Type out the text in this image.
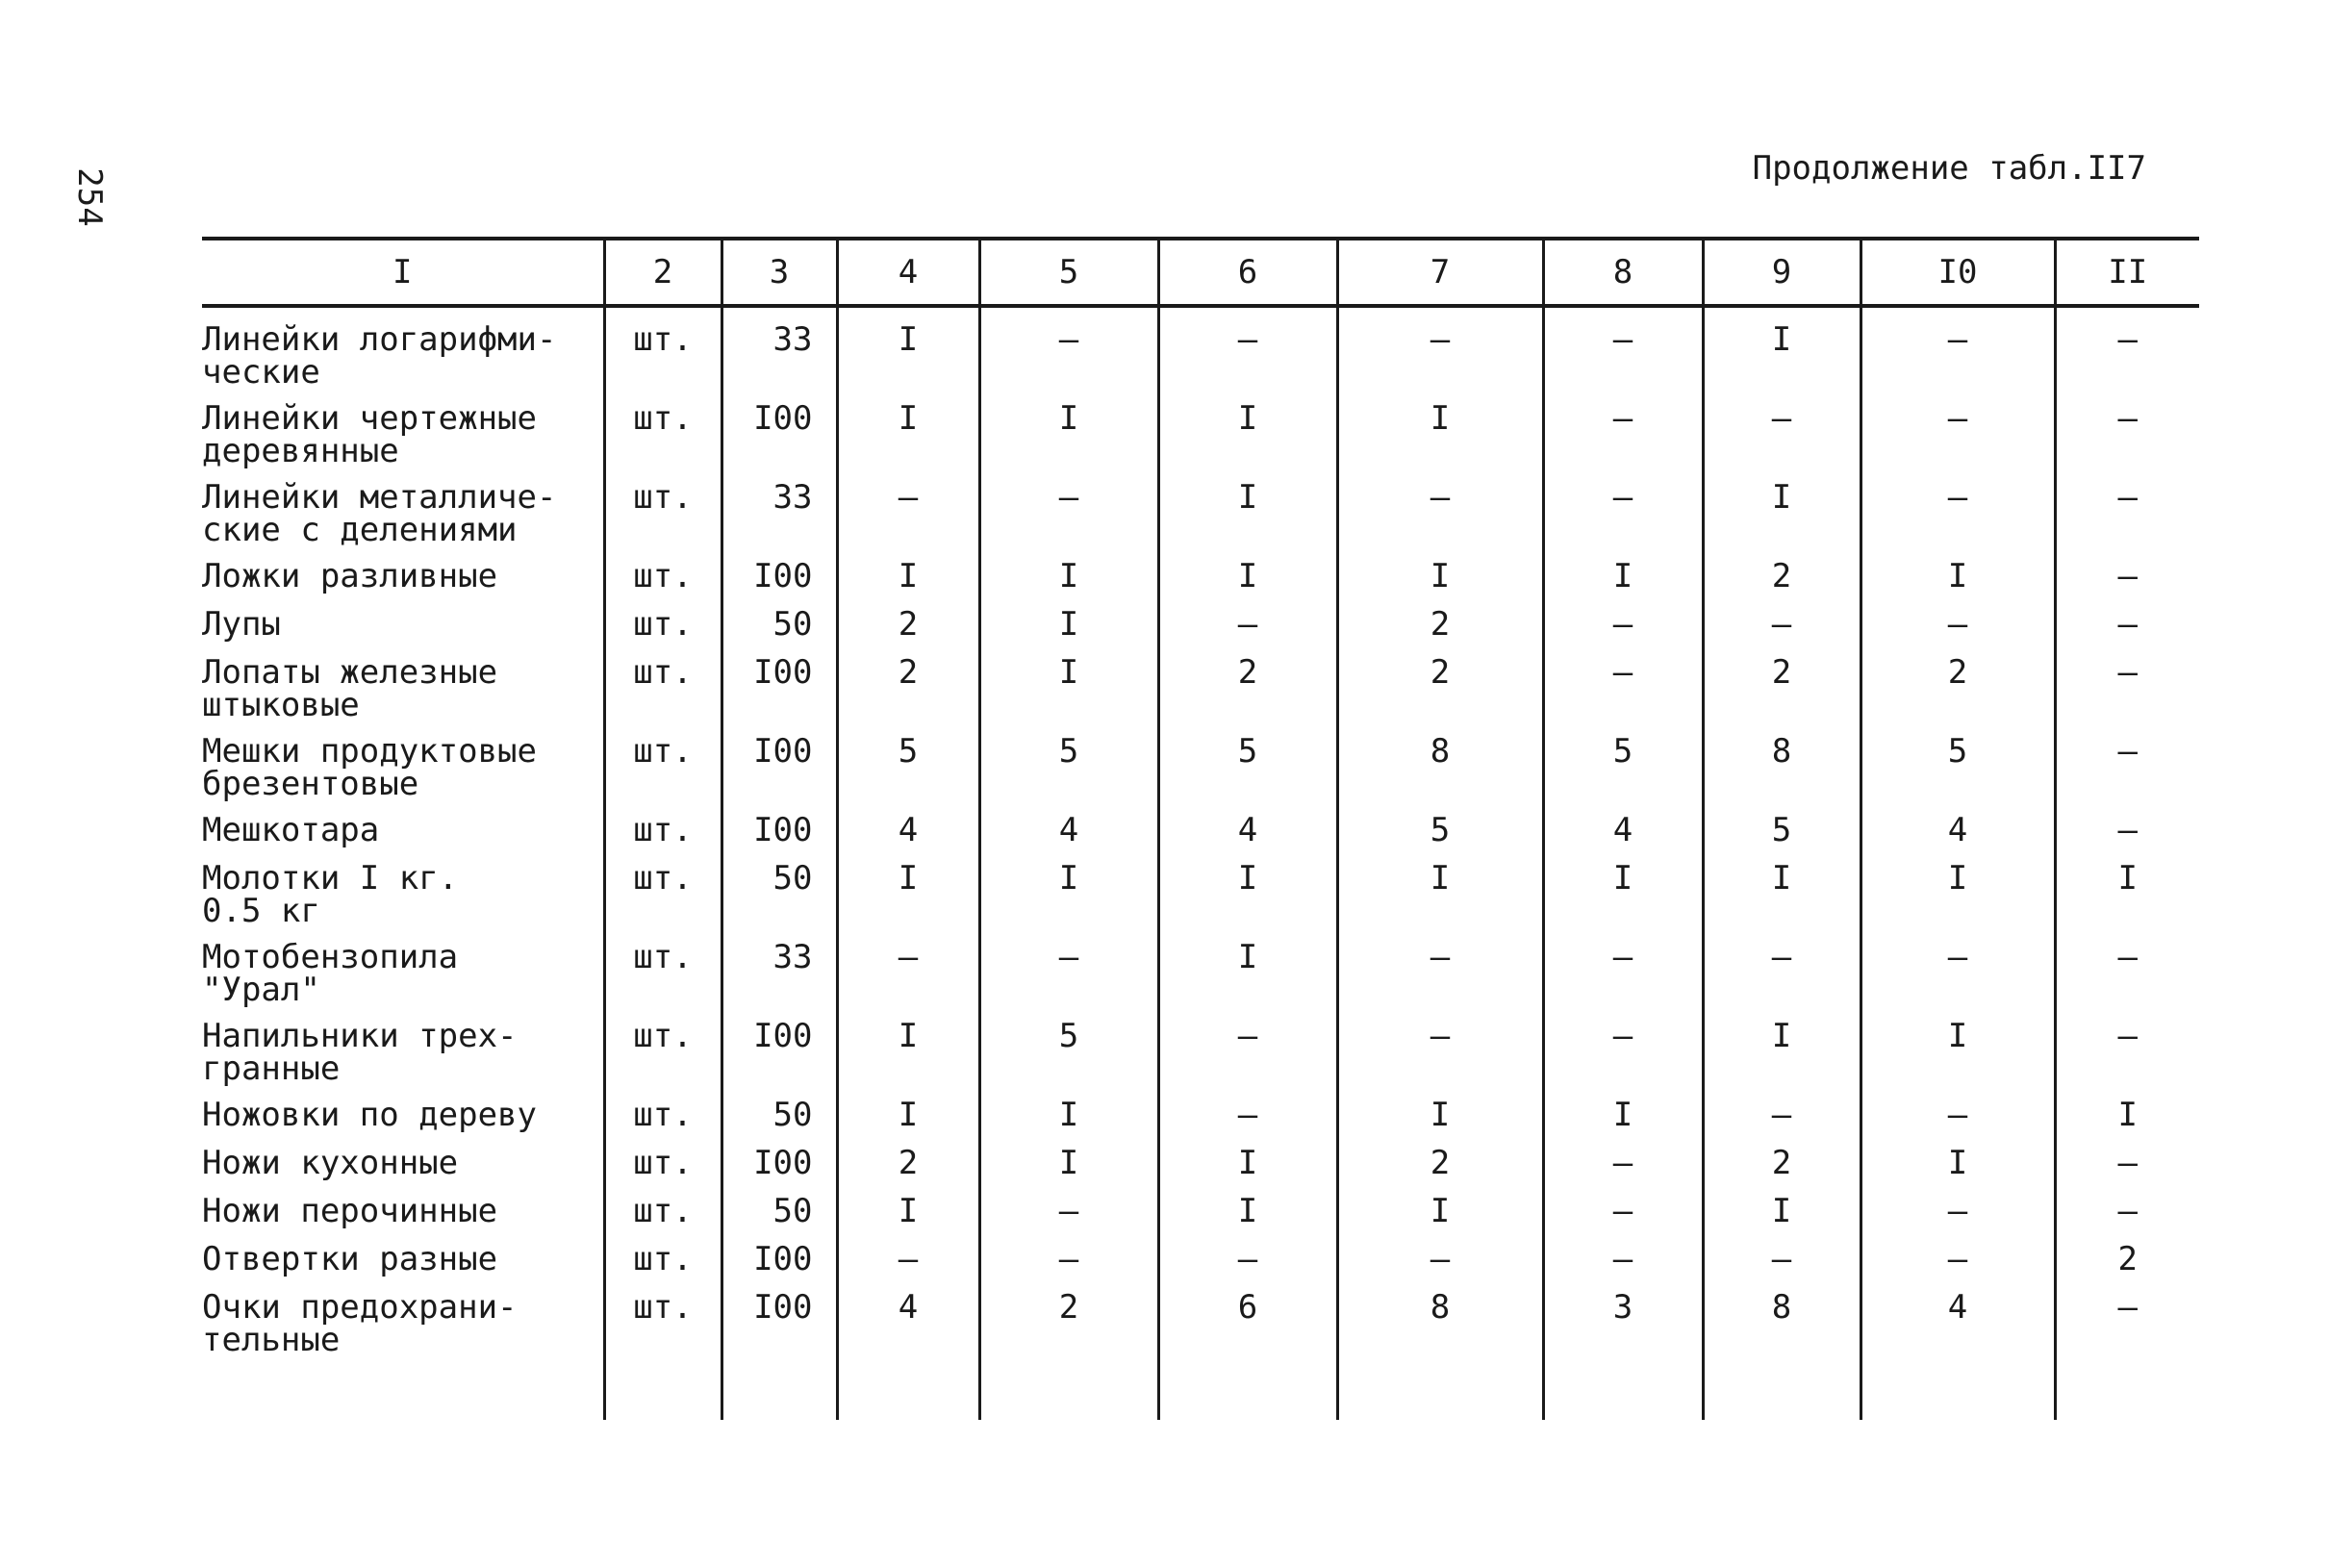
254	Продолжение табл.II7
I	2	3	4	5	6	7	8	9	I0	II

Линейки логарифми-
ческие	шт.	33	I	–	–	–	–	I	–	–
Линейки чертежные
деревянные	шт.	I00	I	I	I	I	–	–	–	–
Линейки металличе-
ские с делениями	шт.	33	–	–	I	–	–	I	–	–
Ложки разливные	шт.	I00	I	I	I	I	I	2	I	–
Лупы	шт.	50	2	I	–	2	–	–	–	–
Лопаты железные
штыковые	шт.	I00	2	I	2	2	–	2	2	–
Мешки продуктовые
брезентовые	шт.	I00	5	5	5	8	5	8	5	–
Мешкотара	шт.	I00	4	4	4	5	4	5	4	–
Молотки I кг.
0.5 кг	шт.	50	I	I	I	I	I	I	I	I
Мотобензопила
"Урал"	шт.	33	–	–	I	–	–	–	–	–
Напильники трех-
гранные	шт.	I00	I	5	–	–	–	I	I	–
Ножовки по дереву	шт.	50	I	I	–	I	I	–	–	I
Ножи кухонные	шт.	I00	2	I	I	2	–	2	I	–
Ножи перочинные	шт.	50	I	–	I	I	–	I	–	–
Отвертки разные	шт.	I00	–	–	–	–	–	–	–	2
Очки предохрани-
тельные	шт.	I00	4	2	6	8	3	8	4	–
